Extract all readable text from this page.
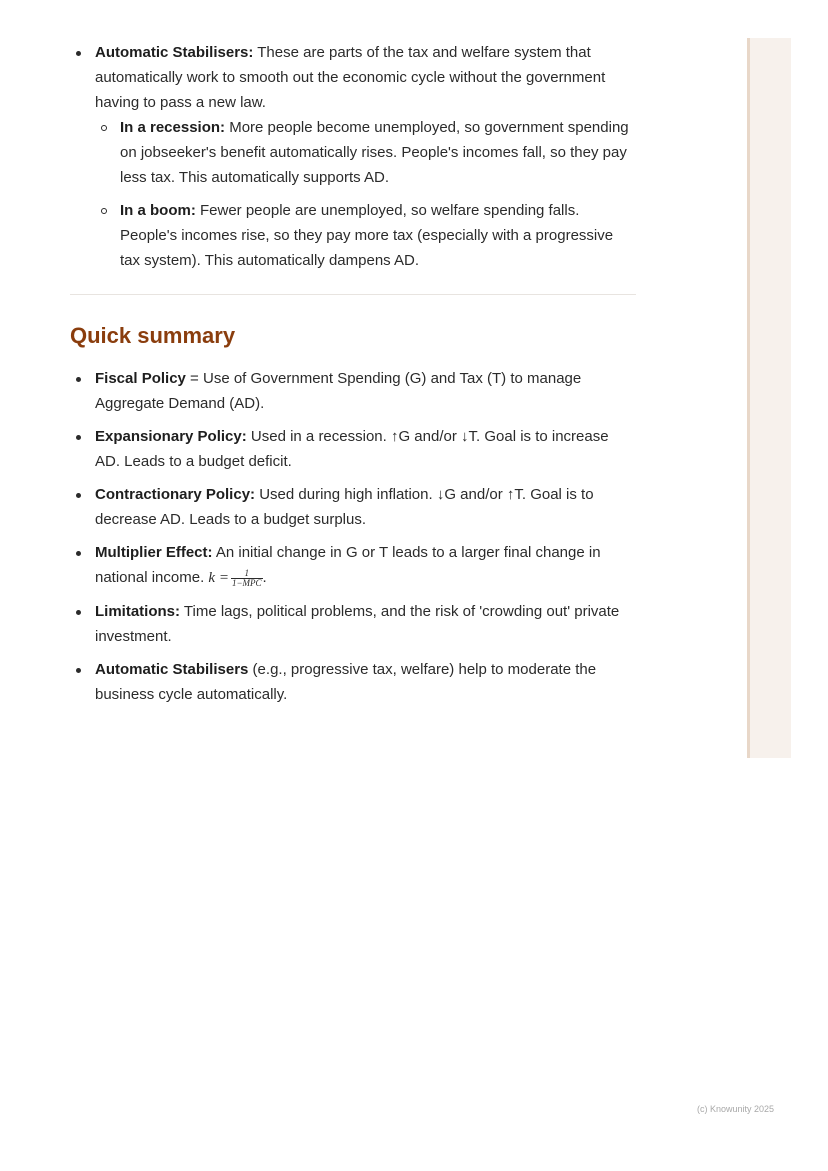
Automatic Stabilisers: These are parts of the tax and welfare system that automatically work to smooth out the economic cycle without the government having to pass a new law.
In a recession: More people become unemployed, so government spending on jobseeker's benefit automatically rises. People's incomes fall, so they pay less tax. This automatically supports AD.
In a boom: Fewer people are unemployed, so welfare spending falls. People's incomes rise, so they pay more tax (especially with a progressive tax system). This automatically dampens AD.
Quick summary
Fiscal Policy = Use of Government Spending (G) and Tax (T) to manage Aggregate Demand (AD).
Expansionary Policy: Used in a recession. ↑G and/or ↓T. Goal is to increase AD. Leads to a budget deficit.
Contractionary Policy: Used during high inflation. ↓G and/or ↑T. Goal is to decrease AD. Leads to a budget surplus.
Multiplier Effect: An initial change in G or T leads to a larger final change in national income. $k = \frac{1}{\text{1−MPC}}$ .
Limitations: Time lags, political problems, and the risk of 'crowding out' private investment.
Automatic Stabilisers (e.g., progressive tax, welfare) help to moderate the business cycle automatically.
(c) Knowunity 2025
